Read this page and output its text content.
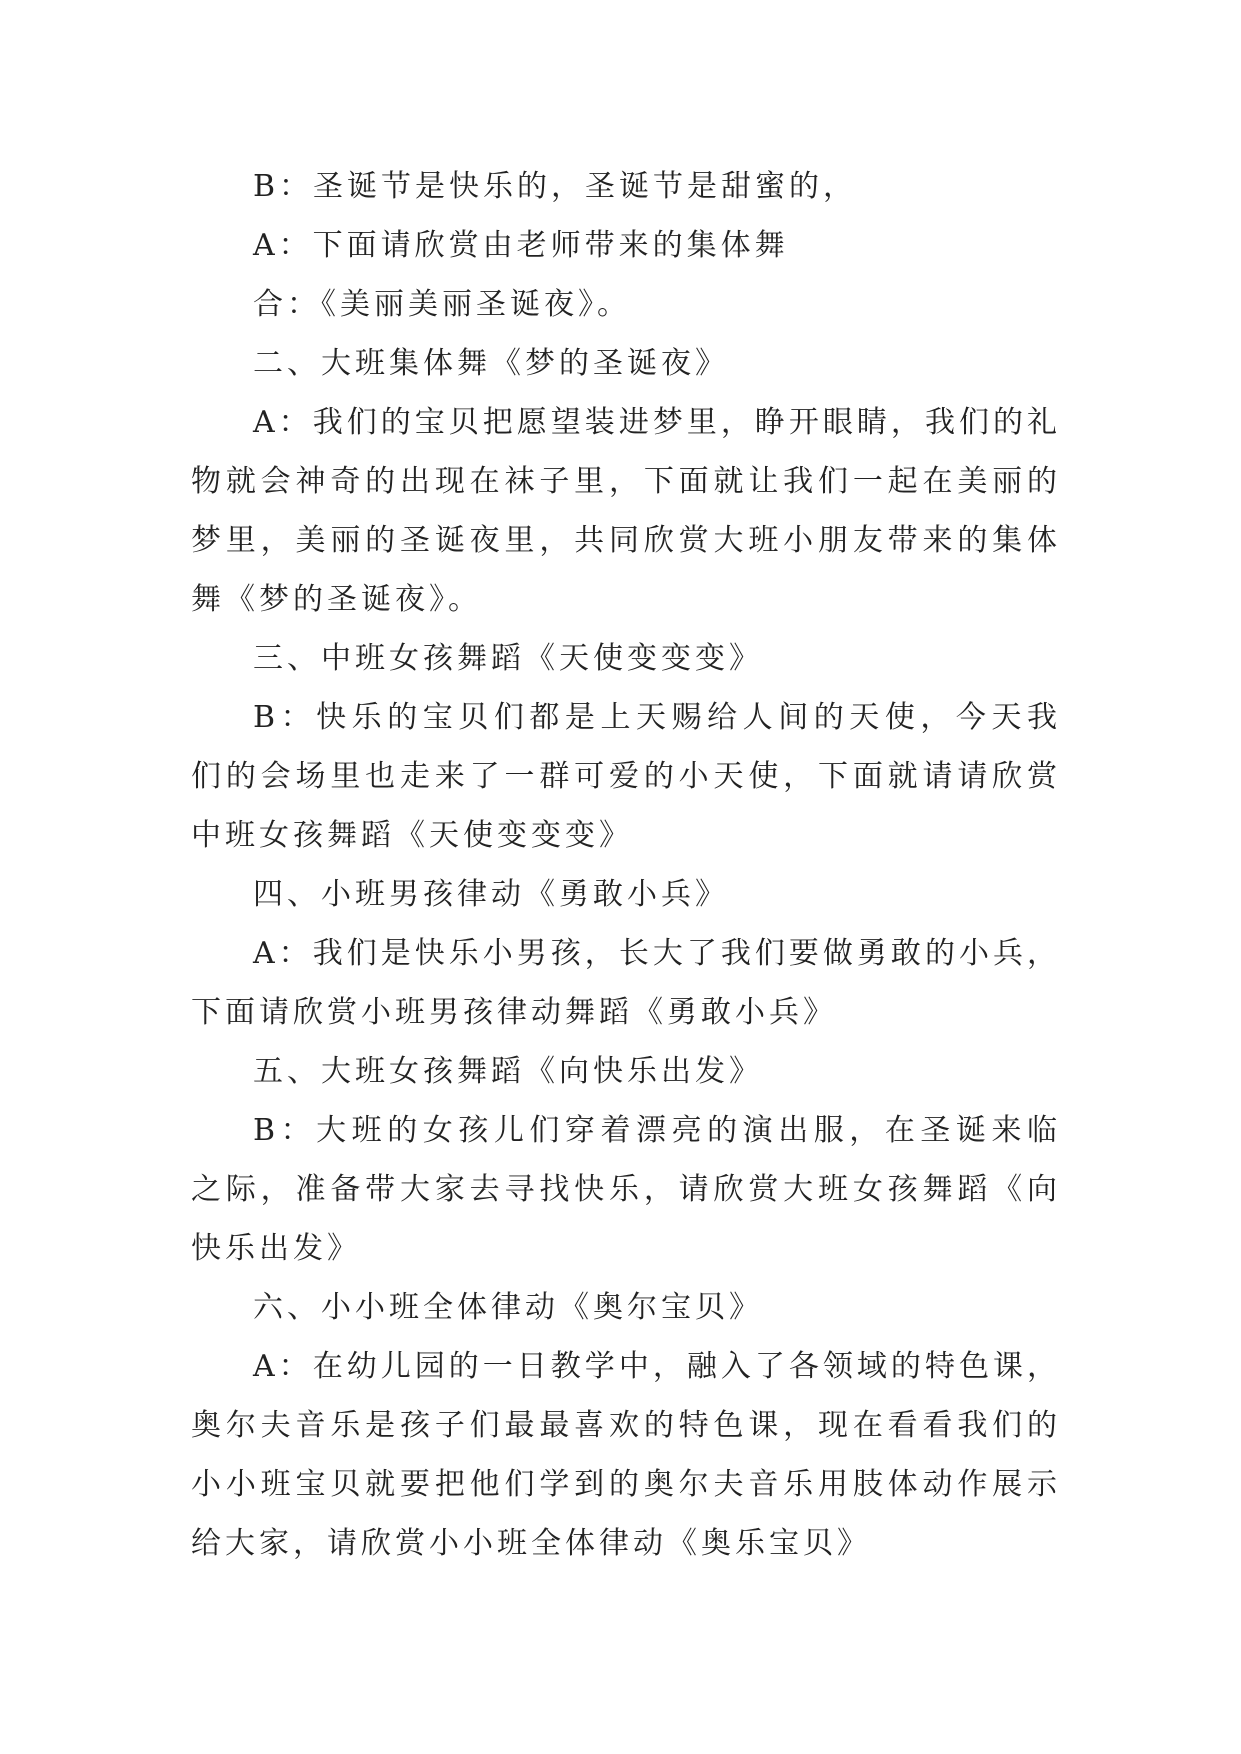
B：圣诞节是快乐的，圣诞节是甜蜜的，

A：下面请欣赏由老师带来的集体舞

合：《美丽美丽圣诞夜》。

二、大班集体舞《梦的圣诞夜》

A：我们的宝贝把愿望装进梦里，睁开眼睛，我们的礼物就会神奇的出现在袜子里，下面就让我们一起在美丽的梦里，美丽的圣诞夜里，共同欣赏大班小朋友带来的集体舞《梦的圣诞夜》。

三、中班女孩舞蹈《天使变变变》

B：快乐的宝贝们都是上天赐给人间的天使，今天我们的会场里也走来了一群可爱的小天使，下面就请请欣赏中班女孩舞蹈《天使变变变》

四、小班男孩律动《勇敢小兵》

A：我们是快乐小男孩，长大了我们要做勇敢的小兵，下面请欣赏小班男孩律动舞蹈《勇敢小兵》

五、大班女孩舞蹈《向快乐出发》

B：大班的女孩儿们穿着漂亮的演出服，在圣诞来临之际，准备带大家去寻找快乐，请欣赏大班女孩舞蹈《向快乐出发》

六、小小班全体律动《奥尔宝贝》

A：在幼儿园的一日教学中，融入了各领域的特色课，奥尔夫音乐是孩子们最最喜欢的特色课，现在看看我们的小小班宝贝就要把他们学到的奥尔夫音乐用肢体动作展示给大家，请欣赏小小班全体律动《奥乐宝贝》
